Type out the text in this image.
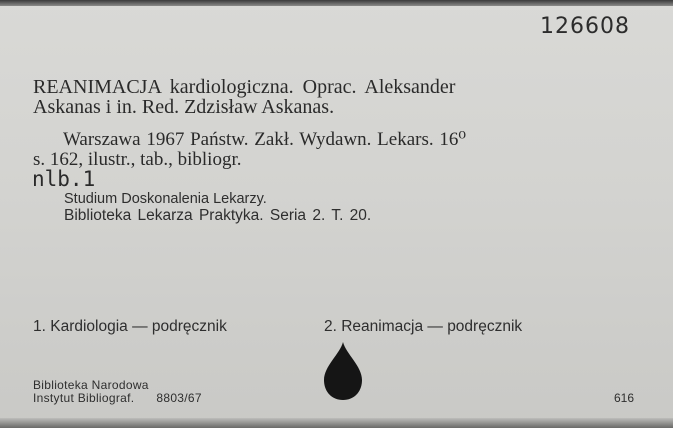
126608
REANIMACJA kardiologiczna. Oprac. Aleksander
Askanas i in. Red. Zdzisław Askanas.
Warszawa 1967 Państw. Zakł. Wydawn. Lekars. 16⁰
s. 162, ilustr., tab., bibliogr.
nlb.1
Studium Doskonalenia Lekarzy.
Biblioteka Lekarza Praktyka. Seria 2. T. 20.
1. Kardiologia — podręcznik	2. Reanimacja — podręcznik
Biblioteka Narodowa
Instytut Bibliograf. 8803/67	616
